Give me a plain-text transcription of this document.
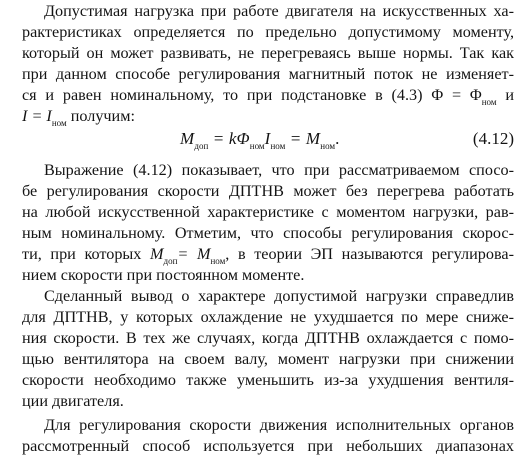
Допустимая нагрузка при работе двигателя на искусственных ха-
рактеристиках определяется по предельно допустимому моменту,
который он может развивать, не перегреваясь выше нормы. Так как
при данном способе регулирования магнитный поток не изменяет-
ся и равен номинальному, то при подстановке в (4.3) $\Phi = \Phi_{ном}$ и
$I = I_{ном}$ получим:
$M_{доп} = k\Phi_{ном}I_{ном} = M_{ном}$.	(4.12)
Выражение (4.12) показывает, что при рассматриваемом спосо-
бе регулирования скорости ДПТНВ может без перегрева работать
на любой искусственной характеристике с моментом нагрузки, рав-
ным номинальному. Отметим, что способы регулирования скорос-
ти, при которых $M_{доп}= M_{ном}$, в теории ЭП называются регулирова-
нием скорости при постоянном моменте.
Сделанный вывод о характере допустимой нагрузки справедлив
для ДПТНВ, у которых охлаждение не ухудшается по мере сниже-
ния скорости. В тех же случаях, когда ДПТНВ охлаждается с помо-
щью вентилятора на своем валу, момент нагрузки при снижении
скорости необходимо также уменьшить из-за ухудшения вентиля-
ции двигателя.
Для регулирования скорости движения исполнительных органов
рассмотренный способ используется при небольших диапазонах
